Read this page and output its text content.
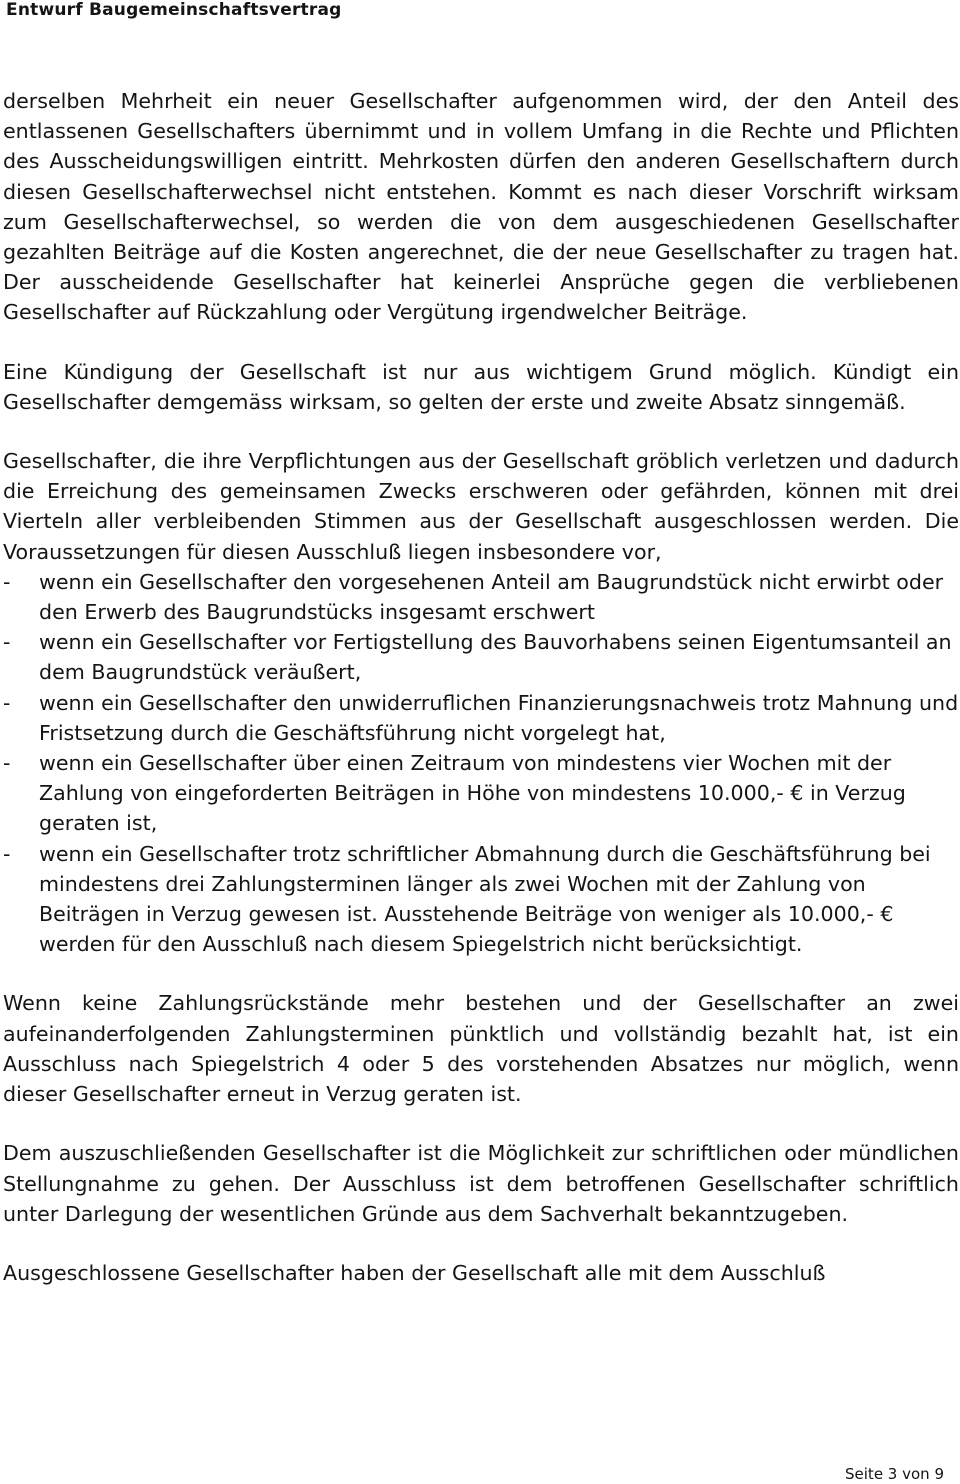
Entwurf Baugemeinschaftsvertrag

derselben Mehrheit ein neuer Gesellschafter aufgenommen wird, der den Anteil des entlassenen Gesellschafters übernimmt und in vollem Umfang in die Rechte und Pflichten des Ausscheidungswilligen eintritt. Mehrkosten dürfen den anderen Gesellschaftern durch diesen Gesellschafterwechsel nicht entstehen. Kommt es nach dieser Vorschrift wirksam zum Gesellschafterwechsel, so werden die von dem ausgeschiedenen Gesellschafter gezahlten Beiträge auf die Kosten angerechnet, die der neue Gesellschafter zu tragen hat. Der ausscheidende Gesellschafter hat keinerlei Ansprüche gegen die verbliebenen Gesellschafter auf Rückzahlung oder Vergütung irgendwelcher Beiträge.

Eine Kündigung der Gesellschaft ist nur aus wichtigem Grund möglich. Kündigt ein Gesellschafter demgemäss wirksam, so gelten der erste und zweite Absatz sinngemäß.

Gesellschafter, die ihre Verpflichtungen aus der Gesellschaft gröblich verletzen und dadurch die Erreichung des gemeinsamen Zwecks erschweren oder gefährden, können mit drei Vierteln aller verbleibenden Stimmen aus der Gesellschaft ausgeschlossen werden. Die Voraussetzungen für diesen Ausschluß liegen insbesondere vor,

- wenn ein Gesellschafter den vorgesehenen Anteil am Baugrundstück nicht erwirbt oder den Erwerb des Baugrundstücks insgesamt erschwert
- wenn ein Gesellschafter vor Fertigstellung des Bauvorhabens seinen Eigentumsanteil an dem Baugrundstück veräußert,
- wenn ein Gesellschafter den unwiderruflichen Finanzierungsnachweis trotz Mahnung und Fristsetzung durch die Geschäftsführung nicht vorgelegt hat,
- wenn ein Gesellschafter über einen Zeitraum von mindestens vier Wochen mit der Zahlung von eingeforderten Beiträgen in Höhe von mindestens 10.000,- € in Verzug geraten ist,
- wenn ein Gesellschafter trotz schriftlicher Abmahnung durch die Geschäftsführung bei mindestens drei Zahlungsterminen länger als zwei Wochen mit der Zahlung von Beiträgen in Verzug gewesen ist. Ausstehende Beiträge von weniger als 10.000,- € werden für den Ausschluß nach diesem Spiegelstrich nicht berücksichtigt.

Wenn keine Zahlungsrückstände mehr bestehen und der Gesellschafter an zwei aufeinanderfolgenden Zahlungsterminen pünktlich und vollständig bezahlt hat, ist ein Ausschluss nach Spiegelstrich 4 oder 5 des vorstehenden Absatzes nur möglich, wenn dieser Gesellschafter erneut in Verzug geraten ist.

Dem auszuschließenden Gesellschafter ist die Möglichkeit zur schriftlichen oder mündlichen Stellungnahme zu gehen. Der Ausschluss ist dem betroffenen Gesellschafter schriftlich unter Darlegung der wesentlichen Gründe aus dem Sachverhalt bekanntzugeben.

Ausgeschlossene Gesellschafter haben der Gesellschaft alle mit dem Ausschluß

Seite 3 von 9
